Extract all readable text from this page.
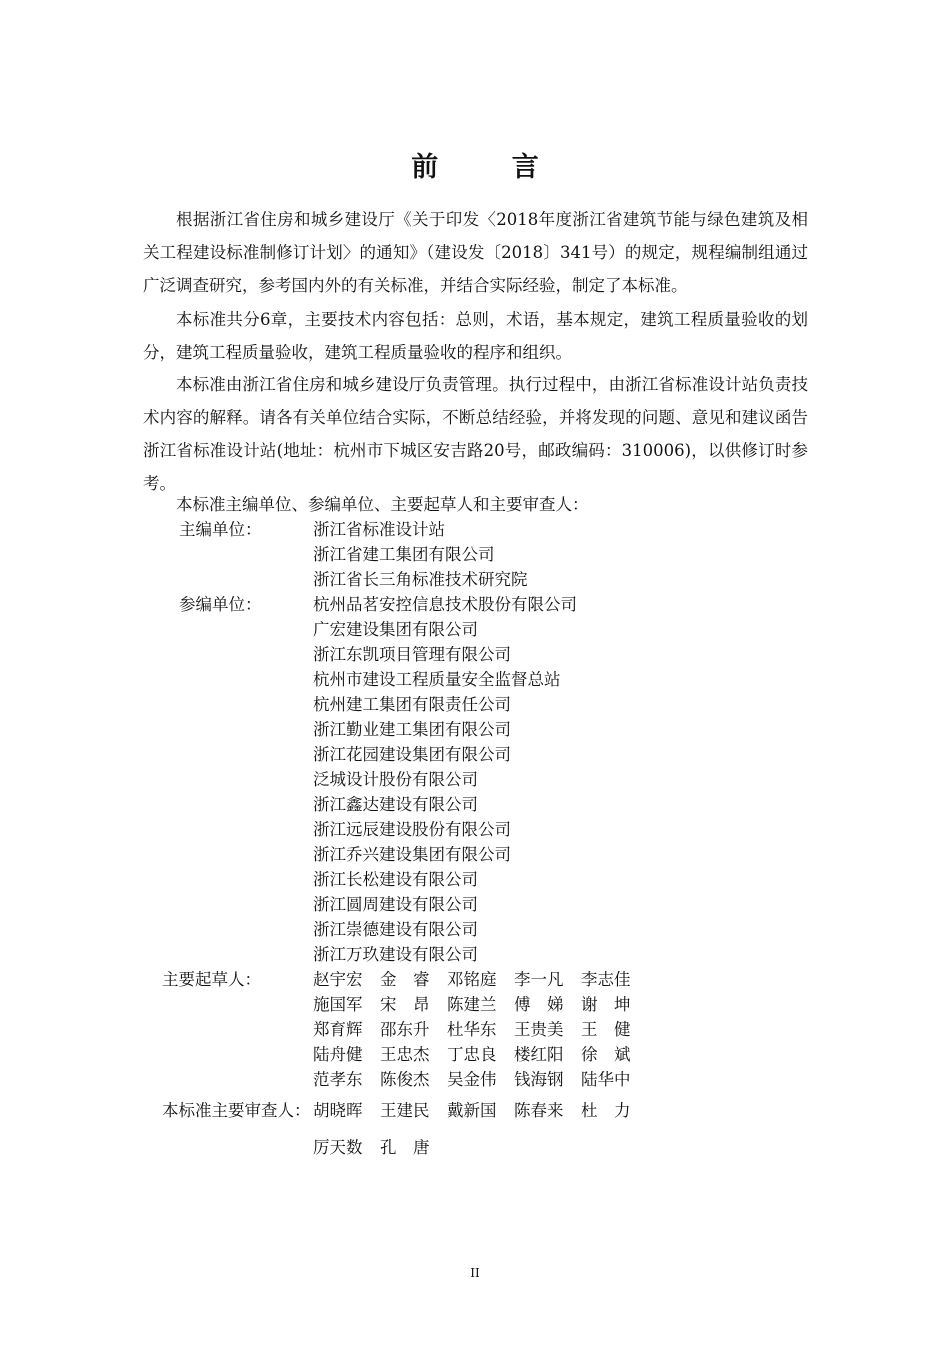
前 言

根据浙江省住房和城乡建设厅《关于印发〈2018年度浙江省建筑节能与绿色建筑及相关工程建设标准制修订计划〉的通知》（建设发〔2018〕341号）的规定，规程编制组通过广泛调查研究，参考国内外的有关标准，并结合实际经验，制定了本标准。

本标准共分6章，主要技术内容包括：总则，术语，基本规定，建筑工程质量验收的划分，建筑工程质量验收，建筑工程质量验收的程序和组织。

本标准由浙江省住房和城乡建设厅负责管理。执行过程中，由浙江省标准设计站负责技术内容的解释。请各有关单位结合实际，不断总结经验，并将发现的问题、意见和建议函告浙江省标准设计站(地址：杭州市下城区安吉路20号，邮政编码：310006)，以供修订时参考。

本标准主编单位、参编单位、主要起草人和主要审查人：
主编单位：	浙江省标准设计站
浙江省建工集团有限公司
浙江省长三角标准技术研究院
参编单位：	杭州品茗安控信息技术股份有限公司
广宏建设集团有限公司
浙江东凯项目管理有限公司
杭州市建设工程质量安全监督总站
杭州建工集团有限责任公司
浙江勤业建工集团有限公司
浙江花园建设集团有限公司
泛城设计股份有限公司
浙江鑫达建设有限公司
浙江远辰建设股份有限公司
浙江乔兴建设集团有限公司
浙江长松建设有限公司
浙江圆周建设有限公司
浙江崇德建设有限公司
浙江万玖建设有限公司
主要起草人：	赵宇宏	金　睿	邓铭庭	李一凡	李志佳
施国军	宋　昂	陈建兰	傅　娣	谢　坤
郑育辉	邵东升	杜华东	王贵美	王　健
陆舟健	王忠杰	丁忠良	楼红阳	徐　斌
范孝东	陈俊杰	吴金伟	钱海钢	陆华中
本标准主要审查人： 胡晓晖	王建民	戴新国	陈春来	杜　力
厉天数	孔　唐
II
